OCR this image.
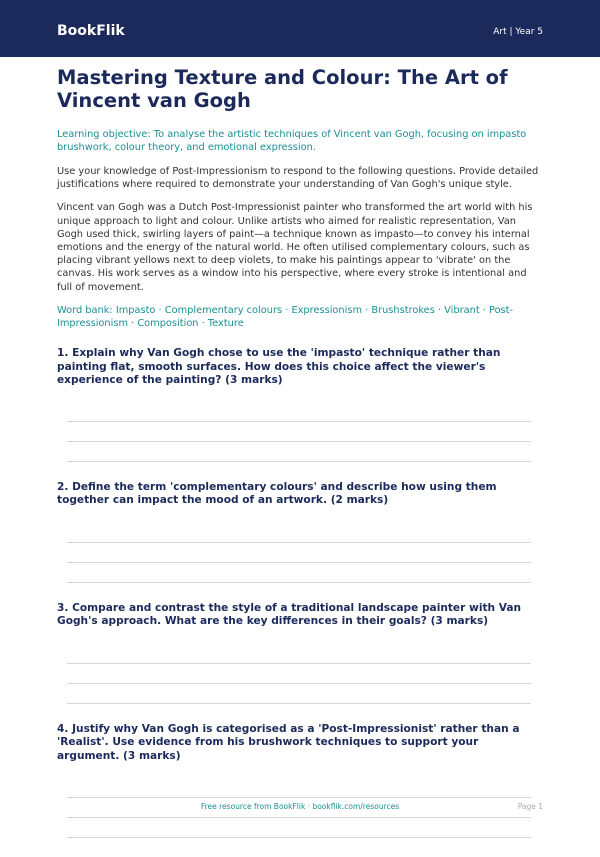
BookFlik	Art | Year 5
Mastering Texture and Colour: The Art of Vincent van Gogh

Learning objective: To analyse the artistic techniques of Vincent van Gogh, focusing on impasto brushwork, colour theory, and emotional expression.

Use your knowledge of Post-Impressionism to respond to the following questions. Provide detailed justifications where required to demonstrate your understanding of Van Gogh's unique style.

Vincent van Gogh was a Dutch Post-Impressionist painter who transformed the art world with his unique approach to light and colour. Unlike artists who aimed for realistic representation, Van Gogh used thick, swirling layers of paint—a technique known as impasto—to convey his internal emotions and the energy of the natural world. He often utilised complementary colours, such as placing vibrant yellows next to deep violets, to make his paintings appear to 'vibrate' on the canvas. His work serves as a window into his perspective, where every stroke is intentional and full of movement.

Word bank: Impasto · Complementary colours · Expressionism · Brushstrokes · Vibrant · Post-Impressionism · Composition · Texture

1. Explain why Van Gogh chose to use the 'impasto' technique rather than painting flat, smooth surfaces. How does this choice affect the viewer's experience of the painting? (3 marks)

2. Define the term 'complementary colours' and describe how using them together can impact the mood of an artwork. (2 marks)

3. Compare and contrast the style of a traditional landscape painter with Van Gogh's approach. What are the key differences in their goals? (3 marks)

4. Justify why Van Gogh is categorised as a 'Post-Impressionist' rather than a 'Realist'. Use evidence from his brushwork techniques to support your argument. (3 marks)

Free resource from BookFlik · bookflik.com/resources	Page 1
